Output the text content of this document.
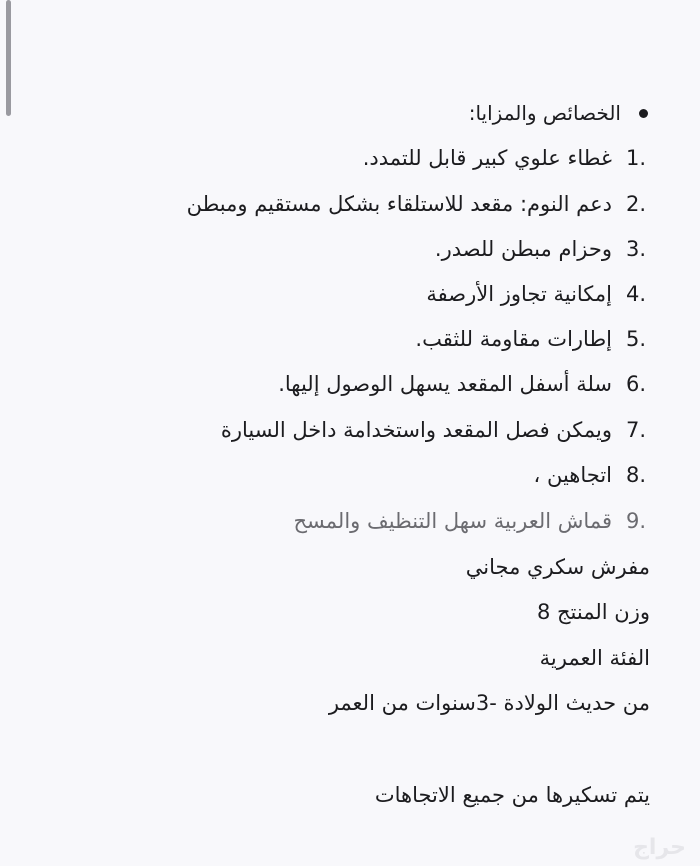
الخصائص والمزايا:
1.
غطاء علوي كبير قابل للتمدد.
2.
دعم النوم: مقعد للاستلقاء بشكل مستقيم ومبطن
3.
وحزام مبطن للصدر.
4.
إمكانية تجاوز الأرصفة
5.
إطارات مقاومة للثقب.
6.
سلة أسفل المقعد يسهل الوصول إليها.
7.
ويمكن فصل المقعد واستخدامة داخل السيارة
8.
اتجاهين ،
9.
قماش العربية سهل التنظيف والمسح
مفرش سكري مجاني
وزن المنتج 8
الفئة العمرية
من حديث الولادة -3سنوات من العمر
يتم تسكيرها من جميع الاتجاهات
حراج
